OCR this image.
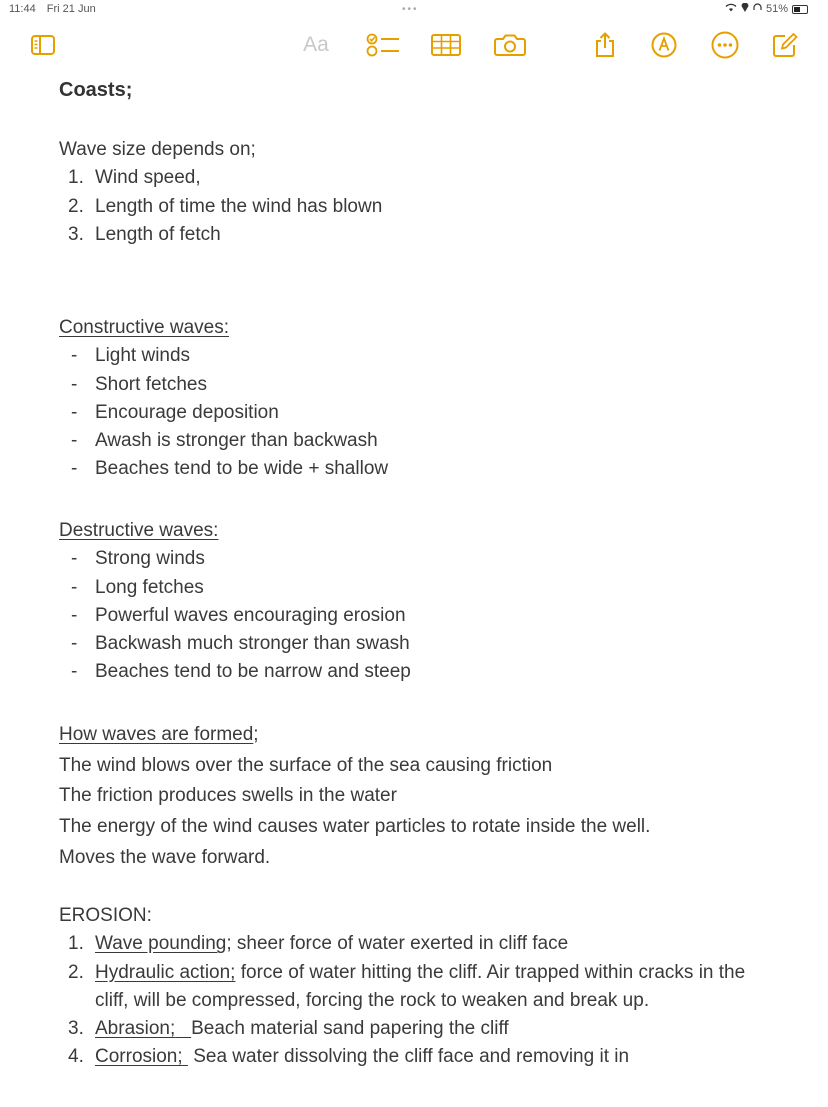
11:44 Fri 21 Jun	•••	51%
Aa
Coasts;
Wave size depends on;
1. Wind speed,
2. Length of time the wind has blown
3. Length of fetch
Constructive waves:
- Light winds
- Short fetches
- Encourage deposition
- Awash is stronger than backwash
- Beaches tend to be wide + shallow
Destructive waves:
- Strong winds
- Long fetches
- Powerful waves encouraging erosion
- Backwash much stronger than swash
- Beaches tend to be narrow and steep
How waves are formed;
The wind blows over the surface of the sea causing friction
The friction produces swells in the water
The energy of the wind causes water particles to rotate inside the well.
Moves the wave forward.
EROSION:
1. Wave pounding; sheer force of water exerted in cliff face
2. Hydraulic action; force of water hitting the cliff. Air trapped within cracks in the cliff, will be compressed, forcing the rock to weaken and break up.
3. Abrasion; Beach material sand papering the cliff
4. Corrosion; Sea water dissolving the cliff face and removing it in
